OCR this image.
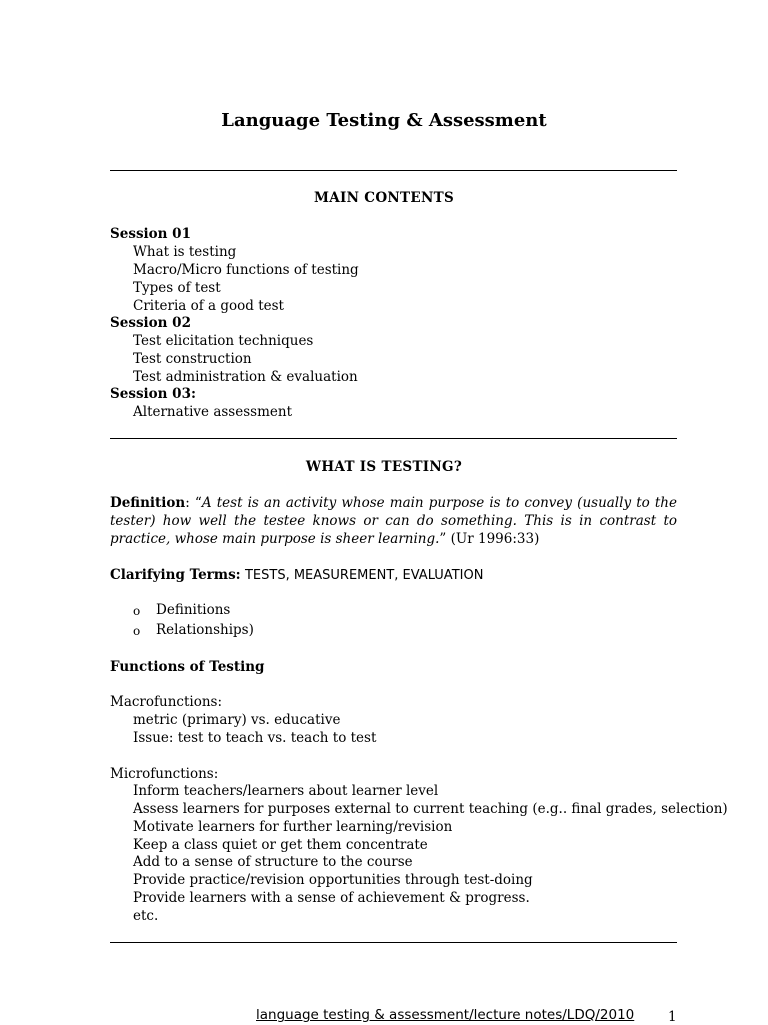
Language Testing & Assessment
MAIN CONTENTS
Session 01
What is testing
Macro/Micro functions of testing
Types of test
Criteria of a good test
Session 02
Test elicitation techniques
Test construction
Test administration & evaluation
Session 03:
Alternative assessment
WHAT IS TESTING?
Definition: “A test is an activity whose main purpose is to convey (usually to the tester) how well the testee knows or can do something. This is in contrast to practice, whose main purpose is sheer learning.” (Ur 1996:33)
Clarifying Terms: TESTS, MEASUREMENT, EVALUATION
o Definitions
o Relationships)
Functions of Testing
Macrofunctions:
metric (primary) vs. educative
Issue: test to teach vs. teach to test
Microfunctions:
Inform teachers/learners about learner level
Assess learners for purposes external to current teaching (e.g.. final grades, selection)
Motivate learners for further learning/revision
Keep a class quiet or get them concentrate
Add to a sense of structure to the course
Provide practice/revision opportunities through test-doing
Provide learners with a sense of achievement & progress.
etc.
language testing & assessment/lecture notes/LDQ/2010	1
